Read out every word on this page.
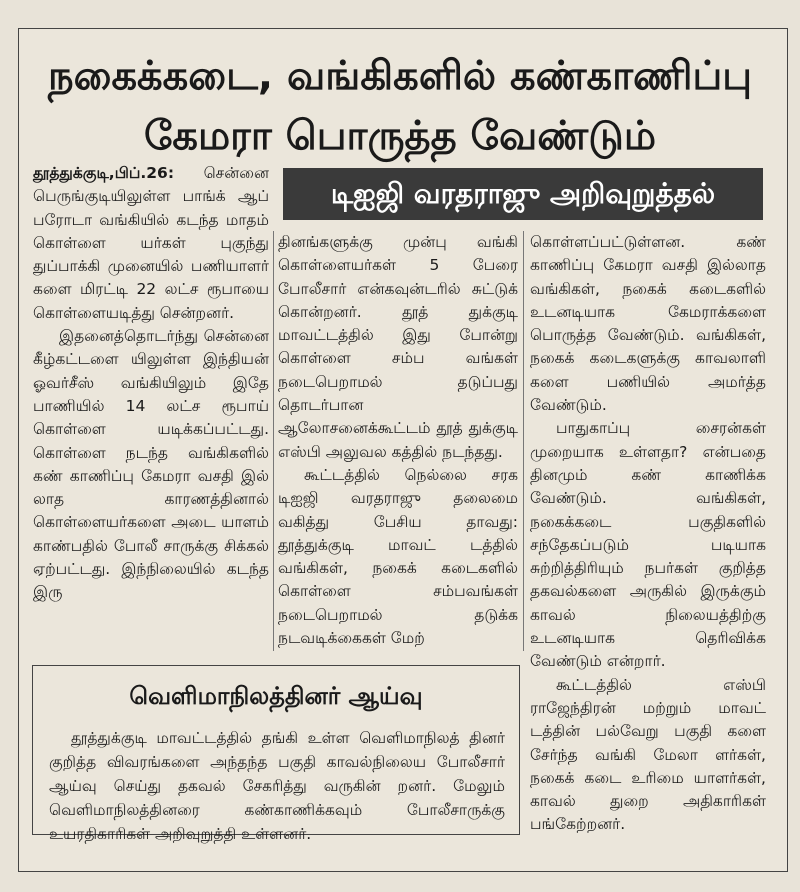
நகைக்கடை, வங்கிகளில் கண்காணிப்பு
கேமரா பொருத்த வேண்டும்
டிஐஜி வரதராஜு அறிவுறுத்தல்

தூத்துக்குடி,பிப்.26: சென்னை பெருங்குடியிலுள்ள பாங்க் ஆப் பரோடா வங்கியில் கடந்த மாதம் கொள்ளை யர்கள் புகுந்து துப்பாக்கி முனையில் பணியாளர் களை மிரட்டி 22 லட்ச ரூபாயை கொள்ளையடித்து சென்றனர்.

இதனைத்தொடர்ந்து சென்னை கீழ்கட்டளை யிலுள்ள இந்தியன் ஓவர்சீஸ் வங்கியிலும் இதே பாணியில் 14 லட்ச ரூபாய் கொள்ளை யடிக்கப்பட்டது. கொள்ளை நடந்த வங்கிகளில் கண் காணிப்பு கேமரா வசதி இல் லாத காரணத்தினால் கொள்ளையர்களை அடை யாளம் காண்பதில் போலீ சாருக்கு சிக்கல் ஏற்பட்டது. இந்நிலையில் கடந்த இரு

தினங்களுக்கு முன்பு வங்கி கொள்ளையர்கள் 5 பேரை போலீசார் என்கவுன்டரில் சுட்டுக் கொன்றனர். தூத் துக்குடி மாவட்டத்தில் இது போன்று கொள்ளை சம்ப வங்கள் நடைபெறாமல் தடுப்பது தொடர்பான ஆலோசனைக்கூட்டம் தூத் துக்குடி எஸ்பி அலுவல கத்தில் நடந்தது.

கூட்டத்தில் நெல்லை சரக டிஐஜி வரதராஜு தலைமை வகித்து பேசிய தாவது: தூத்துக்குடி மாவட் டத்தில் வங்கிகள், நகைக் கடைகளில் கொள்ளை சம்பவங்கள் நடைபெறாமல் தடுக்க நடவடிக்கைகள் மேற்

கொள்ளப்பட்டுள்ளன. கண் காணிப்பு கேமரா வசதி இல்லாத வங்கிகள், நகைக் கடைகளில் உடனடியாக கேமராக்களை பொருத்த வேண்டும். வங்கிகள், நகைக் கடைகளுக்கு காவலாளி களை பணியில் அமர்த்த வேண்டும்.

பாதுகாப்பு சைரன்கள் முறையாக உள்ளதா? என்பதை தினமும் கண் காணிக்க வேண்டும். வங்கிகள், நகைக்கடை பகுதிகளில் சந்தேகப்படும் படியாக சுற்றித்திரியும் நபர்கள் குறித்த தகவல்களை அருகில் இருக்கும் காவல் நிலையத்திற்கு உடனடியாக தெரிவிக்க வேண்டும் என்றார்.

கூட்டத்தில் எஸ்பி ராஜேந்திரன் மற்றும் மாவட் டத்தின் பல்வேறு பகுதி களை சேர்ந்த வங்கி மேலா ளர்கள், நகைக் கடை உரிமை யாளர்கள், காவல் துறை அதிகாரிகள் பங்கேற்றனர்.

வெளிமாநிலத்தினர் ஆய்வு

தூத்துக்குடி மாவட்டத்தில் தங்கி உள்ள வெளிமாநிலத் தினர் குறித்த விவரங்களை அந்தந்த பகுதி காவல்நிலைய போலீசார் ஆய்வு செய்து தகவல் சேகரித்து வருகின் றனர். மேலும் வெளிமாநிலத்தினரை கண்காணிக்கவும் போலீசாருக்கு உயரதிகாரிகள் அறிவுறுத்தி உள்ளனர்.
